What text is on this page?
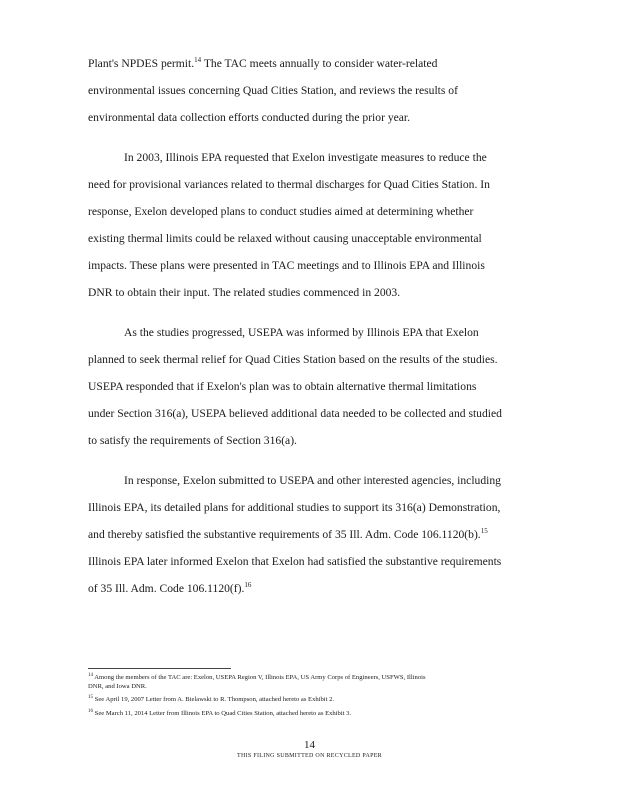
Plant's NPDES permit.$^{14}$ The TAC meets annually to consider water-related
environmental issues concerning Quad Cities Station, and reviews the results of
environmental data collection efforts conducted during the prior year.
In 2003, Illinois EPA requested that Exelon investigate measures to reduce the
need for provisional variances related to thermal discharges for Quad Cities Station. In
response, Exelon developed plans to conduct studies aimed at determining whether
existing thermal limits could be relaxed without causing unacceptable environmental
impacts. These plans were presented in TAC meetings and to Illinois EPA and Illinois
DNR to obtain their input. The related studies commenced in 2003.
As the studies progressed, USEPA was informed by Illinois EPA that Exelon
planned to seek thermal relief for Quad Cities Station based on the results of the studies.
USEPA responded that if Exelon's plan was to obtain alternative thermal limitations
under Section 316(a), USEPA believed additional data needed to be collected and studied
to satisfy the requirements of Section 316(a).
In response, Exelon submitted to USEPA and other interested agencies, including
Illinois EPA, its detailed plans for additional studies to support its 316(a) Demonstration,
and thereby satisfied the substantive requirements of 35 Ill. Adm. Code 106.1120(b).$^{15}$
Illinois EPA later informed Exelon that Exelon had satisfied the substantive requirements
of 35 Ill. Adm. Code 106.1120(f).$^{16}$
$^{14}$ Among the members of the TAC are: Exelon, USEPA Region V, Illinois EPA, US Army Corps of Engineers, USFWS, Illinois
DNR, and Iowa DNR.
$^{15}$ See April 19, 2007 Letter from A. Bielawski to R. Thompson, attached hereto as Exhibit 2.
$^{16}$ See March 11, 2014 Letter from Illinois EPA to Quad Cities Station, attached hereto as Exhibit 3.
14
THIS FILING SUBMITTED ON RECYCLED PAPER
